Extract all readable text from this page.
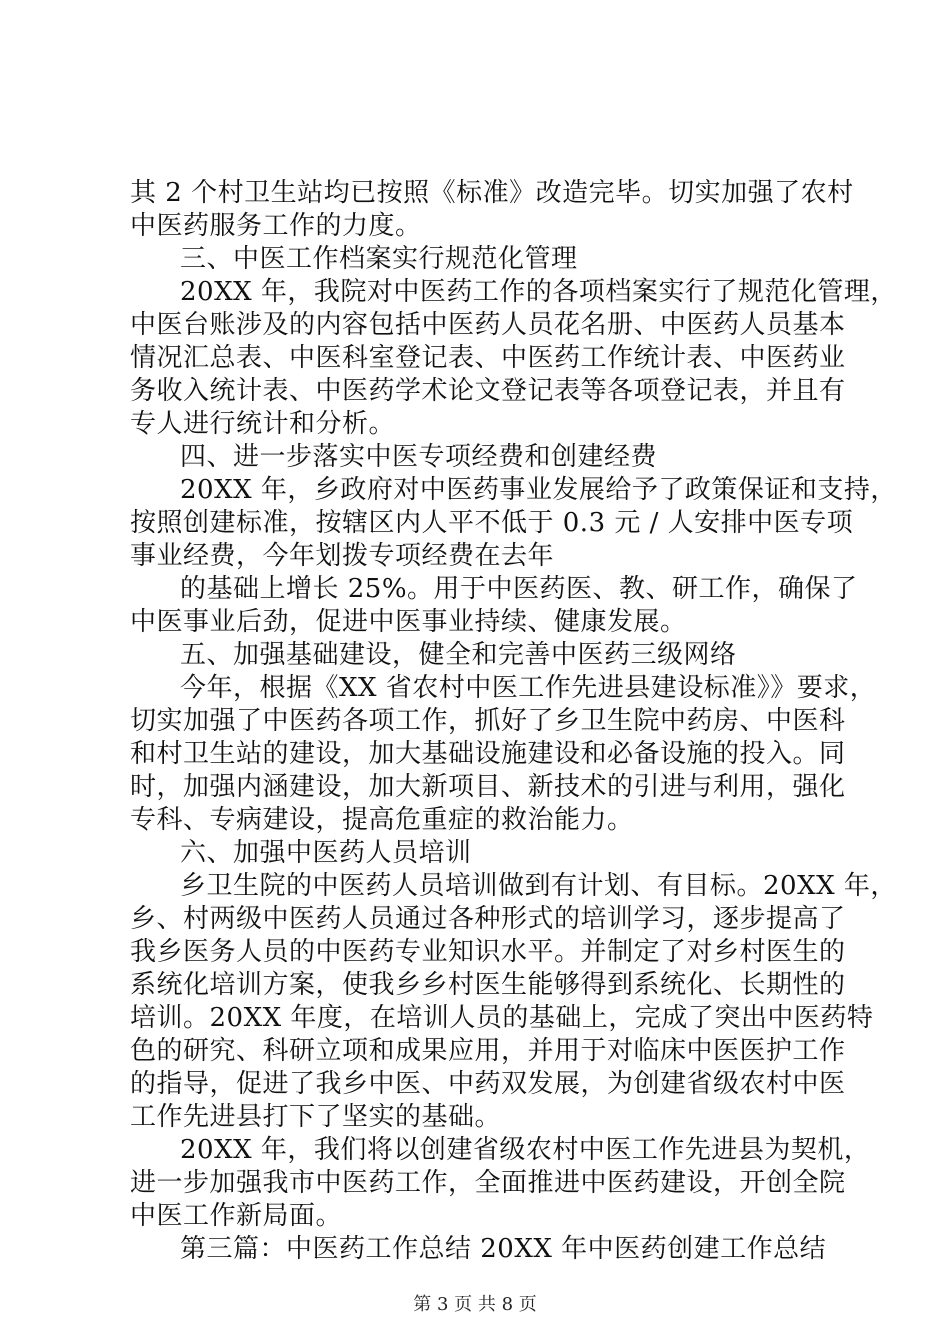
其 2 个村卫生站均已按照《标准》改造完毕。切实加强了农村
中医药服务工作的力度。
三、中医工作档案实行规范化管理
20XX 年，我院对中医药工作的各项档案实行了规范化管理，
中医台账涉及的内容包括中医药人员花名册、中医药人员基本
情况汇总表、中医科室登记表、中医药工作统计表、中医药业
务收入统计表、中医药学术论文登记表等各项登记表，并且有
专人进行统计和分析。
四、进一步落实中医专项经费和创建经费
20XX 年，乡政府对中医药事业发展给予了政策保证和支持，
按照创建标准，按辖区内人平不低于 0.3 元 / 人安排中医专项
事业经费，今年划拨专项经费在去年
的基础上增长 25%。用于中医药医、教、研工作，确保了
中医事业后劲，促进中医事业持续、健康发展。
五、加强基础建设，健全和完善中医药三级网络
今年，根据《XX 省农村中医工作先进县建设标准》》要求，
切实加强了中医药各项工作，抓好了乡卫生院中药房、中医科
和村卫生站的建设，加大基础设施建设和必备设施的投入。同
时，加强内涵建设，加大新项目、新技术的引进与利用，强化
专科、专病建设，提高危重症的救治能力。
六、加强中医药人员培训
乡卫生院的中医药人员培训做到有计划、有目标。20XX 年，
乡、村两级中医药人员通过各种形式的培训学习，逐步提高了
我乡医务人员的中医药专业知识水平。并制定了对乡村医生的
系统化培训方案，使我乡乡村医生能够得到系统化、长期性的
培训。20XX 年度，在培训人员的基础上，完成了突出中医药特
色的研究、科研立项和成果应用，并用于对临床中医医护工作
的指导，促进了我乡中医、中药双发展，为创建省级农村中医
工作先进县打下了坚实的基础。
20XX 年，我们将以创建省级农村中医工作先进县为契机，
进一步加强我市中医药工作，全面推进中医药建设，开创全院
中医工作新局面。
第三篇：中医药工作总结 20XX 年中医药创建工作总结
第 3 页 共 8 页
